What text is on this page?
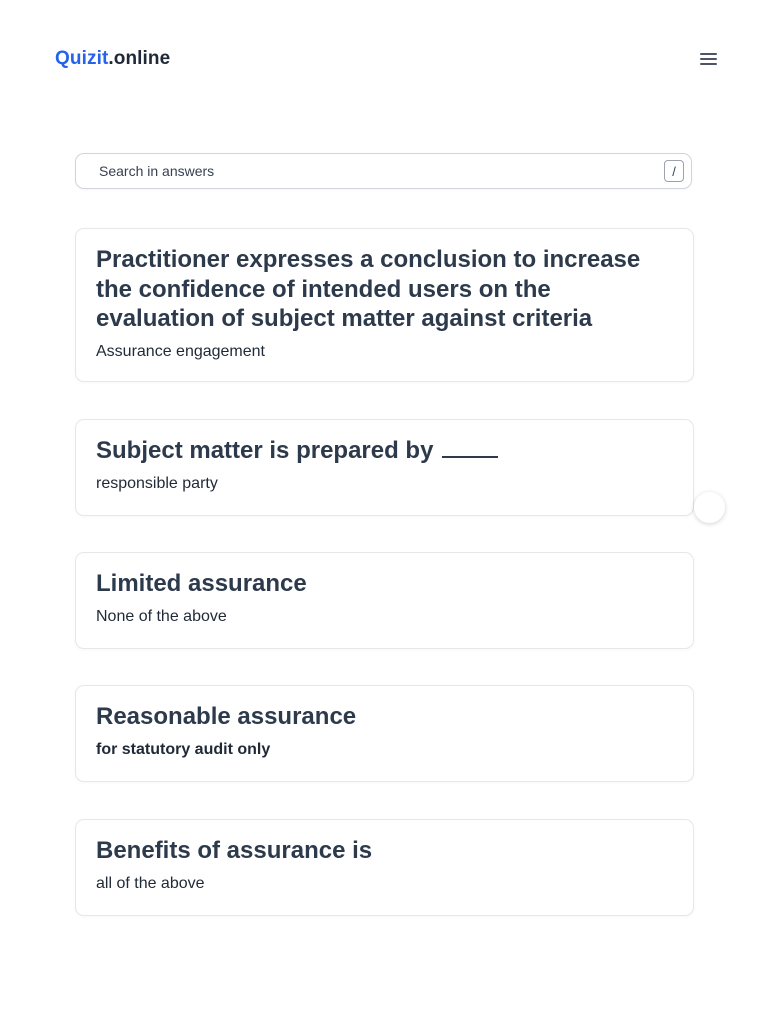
Quizit.online
Search in answers
/
Practitioner expresses a conclusion to increase the confidence of intended users on the evaluation of subject matter against criteria

Assurance engagement

Subject matter is prepared by

responsible party

Limited assurance

None of the above

Reasonable assurance

for statutory audit only

Benefits of assurance is

all of the above
